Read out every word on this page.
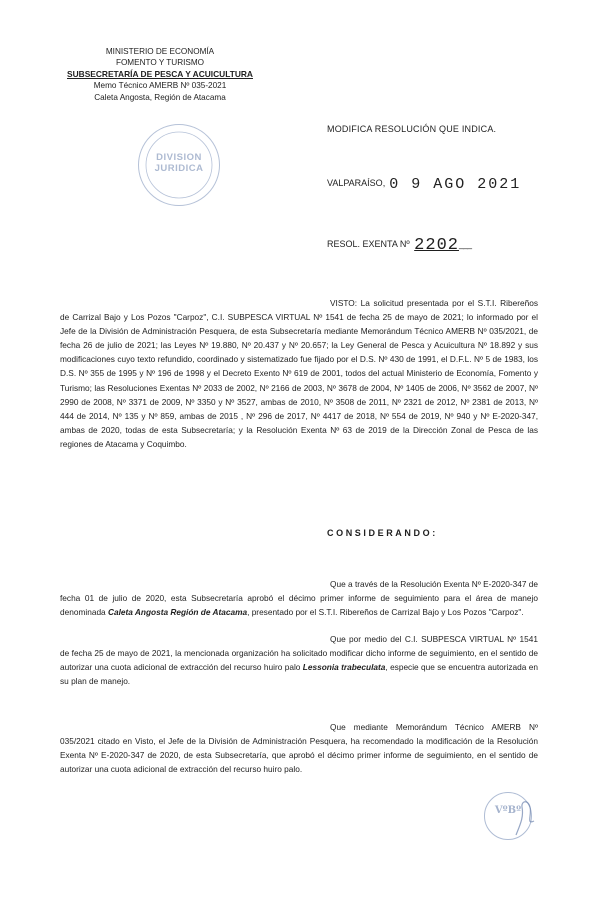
MINISTERIO DE ECONOMÍA
FOMENTO Y TURISMO
SUBSECRETARÍA DE PESCA Y ACUICULTURA
Memo Técnico AMERB Nº 035-2021
Caleta Angosta, Región de Atacama
DIVISION
JURIDICA
MODIFICA RESOLUCIÓN QUE INDICA.
VALPARAÍSO, 0 9 AGO 2021
RESOL. EXENTA Nº 2202___
VISTO: La solicitud presentada por el S.T.I. Ribereños de Carrizal Bajo y Los Pozos "Carpoz", C.I. SUBPESCA VIRTUAL Nº 1541 de fecha 25 de mayo de 2021; lo informado por el Jefe de la División de Administración Pesquera, de esta Subsecretaría mediante Memorándum Técnico AMERB Nº 035/2021, de fecha 26 de julio de 2021; las Leyes Nº 19.880, Nº 20.437 y Nº 20.657; la Ley General de Pesca y Acuicultura Nº 18.892 y sus modificaciones cuyo texto refundido, coordinado y sistematizado fue fijado por el D.S. Nº 430 de 1991, el D.F.L. Nº 5 de 1983, los D.S. Nº 355 de 1995 y Nº 196 de 1998 y el Decreto Exento Nº 619 de 2001, todos del actual Ministerio de Economía, Fomento y Turismo; las Resoluciones Exentas Nº 2033 de 2002, Nº 2166 de 2003, Nº 3678 de 2004, Nº 1405 de 2006, Nº 3562 de 2007, Nº 2990 de 2008, Nº 3371 de 2009, Nº 3350 y Nº 3527, ambas de 2010, Nº 3508 de 2011, Nº 2321 de 2012, Nº 2381 de 2013, Nº 444 de 2014, Nº 135 y Nº 859, ambas de 2015 , Nº 296 de 2017, Nº 4417 de 2018, Nº 554 de 2019, Nº 940 y Nº E-2020-347, ambas de 2020, todas de esta Subsecretaría; y la Resolución Exenta Nº 63 de 2019 de la Dirección Zonal de Pesca de las regiones de Atacama y Coquimbo.
CONSIDERANDO:
Que a través de la Resolución Exenta Nº E-2020-347 de fecha 01 de julio de 2020, esta Subsecretaría aprobó el décimo primer informe de seguimiento para el área de manejo denominada Caleta Angosta Región de Atacama, presentado por el S.T.I. Ribereños de Carrizal Bajo y Los Pozos "Carpoz".
Que por medio del C.I. SUBPESCA VIRTUAL Nº 1541 de fecha 25 de mayo de 2021, la mencionada organización ha solicitado modificar dicho informe de seguimiento, en el sentido de autorizar una cuota adicional de extracción del recurso huiro palo Lessonia trabeculata, especie que se encuentra autorizada en su plan de manejo.
Que mediante Memorándum Técnico AMERB Nº 035/2021 citado en Visto, el Jefe de la División de Administración Pesquera, ha recomendado la modificación de la Resolución Exenta Nº E-2020-347 de 2020, de esta Subsecretaría, que aprobó el décimo primer informe de seguimiento, en el sentido de autorizar una cuota adicional de extracción del recurso huiro palo.
VºBº
